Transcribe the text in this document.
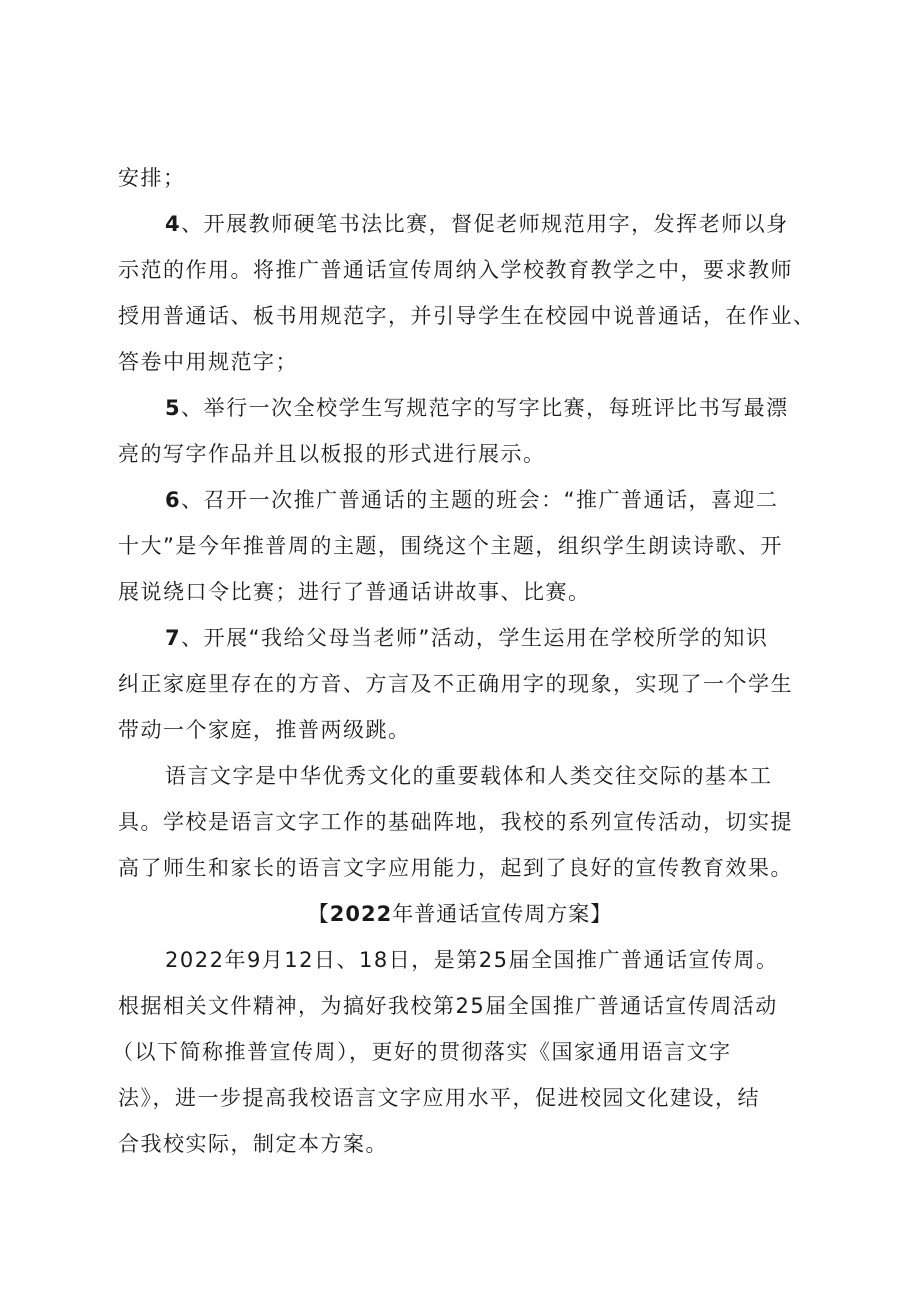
安排；
4、开展教师硬笔书法比赛，督促老师规范用字，发挥老师以身
示范的作用。将推广普通话宣传周纳入学校教育教学之中，要求教师
授用普通话、板书用规范字，并引导学生在校园中说普通话，在作业、
答卷中用规范字；
5、举行一次全校学生写规范字的写字比赛，每班评比书写最漂
亮的写字作品并且以板报的形式进行展示。
6、召开一次推广普通话的主题的班会：“推广普通话，喜迎二
十大”是今年推普周的主题，围绕这个主题，组织学生朗读诗歌、开
展说绕口令比赛；进行了普通话讲故事、比赛。
7、开展“我给父母当老师”活动，学生运用在学校所学的知识
纠正家庭里存在的方音、方言及不正确用字的现象，实现了一个学生
带动一个家庭，推普两级跳。
语言文字是中华优秀文化的重要载体和人类交往交际的基本工
具。学校是语言文字工作的基础阵地，我校的系列宣传活动，切实提
高了师生和家长的语言文字应用能力，起到了良好的宣传教育效果。
【2022年普通话宣传周方案】
2022年9月12日、18日，是第25届全国推广普通话宣传周。
根据相关文件精神，为搞好我校第25届全国推广普通话宣传周活动
（以下简称推普宣传周），更好的贯彻落实《国家通用语言文字
法》，进一步提高我校语言文字应用水平，促进校园文化建设，结
合我校实际，制定本方案。
